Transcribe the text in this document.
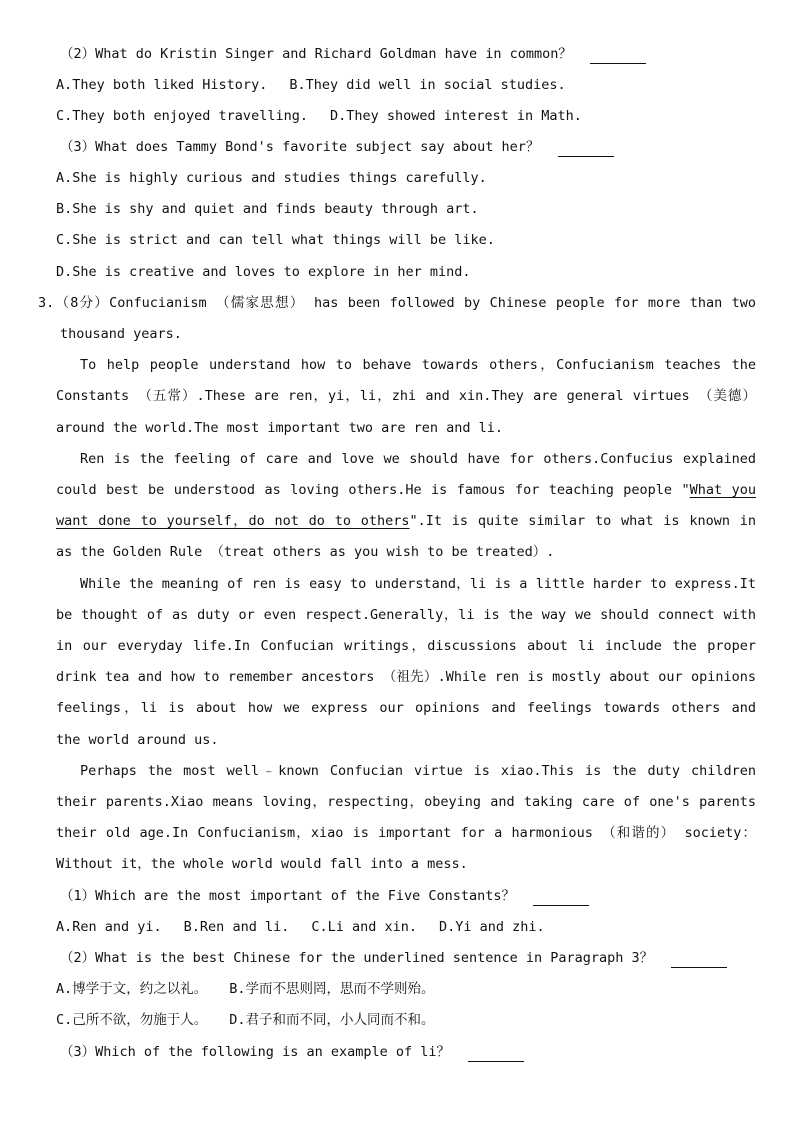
（2）What do Kristin Singer and Richard Goldman have in common？
A.They both liked History. B.They did well in social studies.
C.They both enjoyed travelling. D.They showed interest in Math.
（3）What does Tammy Bond's favorite subject say about her？
A.She is highly curious and studies things carefully.
B.She is shy and quiet and finds beauty through art.
C.She is strict and can tell what things will be like.
D.She is creative and loves to explore in her mind.
3.（8分）Confucianism （儒家思想） has been followed by Chinese people for more than two
thousand years.
To help people understand how to behave towards others，Confucianism teaches the
Constants （五常）.These are ren，yi，li，zhi and xin.They are general virtues （美德）
around the world.The most important two are ren and li.
Ren is the feeling of care and love we should have for others.Confucius explained
could best be understood as loving others.He is famous for teaching people "What you
want done to yourself，do not do to others".It is quite similar to what is known in
as the Golden Rule （treat others as you wish to be treated）.
While the meaning of ren is easy to understand，li is a little harder to express.It
be thought of as duty or even respect.Generally，li is the way we should connect with
in our everyday life.In Confucian writings，discussions about li include the proper
drink tea and how to remember ancestors （祖先）.While ren is mostly about our opinions
feelings，li is about how we express our opinions and feelings towards others and
the world around us.
Perhaps the most well﹣known Confucian virtue is xiao.This is the duty children
their parents.Xiao means loving，respecting，obeying and taking care of one's parents
their old age.In Confucianism，xiao is important for a harmonious （和谐的） society：
Without it，the whole world would fall into a mess.
（1）Which are the most important of the Five Constants？
A.Ren and yi. B.Ren and li. C.Li and xin. D.Yi and zhi.
（2）What is the best Chinese for the underlined sentence in Paragraph 3？
A.博学于文，约之以礼。 B.学而不思则罔，思而不学则殆。
C.己所不欲，勿施于人。 D.君子和而不同，小人同而不和。
（3）Which of the following is an example of li？
